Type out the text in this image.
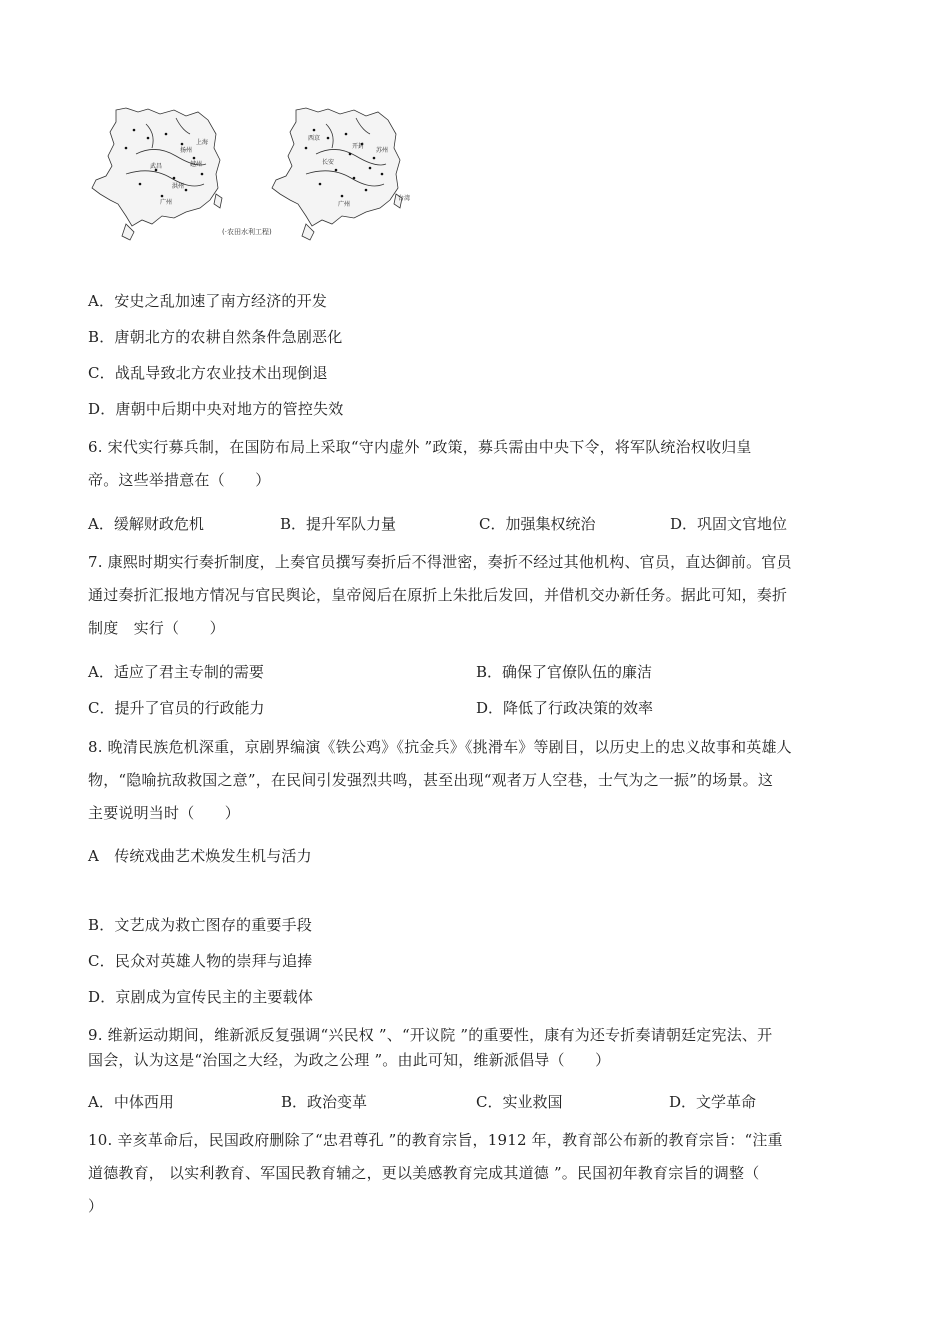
武昌
洪州
广州
越州
上海
扬州
西京
开封
长安
苏州
台湾
广州
(·农田水利工程)
A．安史之乱加速了南方经济的开发
B．唐朝北方的农耕自然条件急剧恶化
C．战乱导致北方农业技术出现倒退
D．唐朝中后期中央对地方的管控失效
6. 宋代实行募兵制，在国防布局上采取“守内虚外 ”政策，募兵需由中央下令，将军队统治权收归皇
帝。这些举措意在（　　）
A．缓解财政危机	B．提升军队力量	C．加强集权统治	D．巩固文官地位
7. 康熙时期实行奏折制度，上奏官员撰写奏折后不得泄密，奏折不经过其他机构、官员，直达御前。官员
通过奏折汇报地方情况与官民舆论，皇帝阅后在原折上朱批后发回，并借机交办新任务。据此可知，奏折
制度　实行（　　）
A．适应了君主专制的需要	B．确保了官僚队伍的廉洁
C．提升了官员的行政能力	D．降低了行政决策的效率
8. 晚清民族危机深重，京剧界编演《铁公鸡》《抗金兵》《挑滑车》等剧目，以历史上的忠义故事和英雄人
物，“隐喻抗敌救国之意”，在民间引发强烈共鸣，甚至出现“观者万人空巷，士气为之一振”的场景。这
主要说明当时（　　）
A　传统戏曲艺术焕发生机与活力
B．文艺成为救亡图存的重要手段
C．民众对英雄人物的崇拜与追捧
D．京剧成为宣传民主的主要载体
9. 维新运动期间，维新派反复强调“兴民权 ”、“开议院 ”的重要性，康有为还专折奏请朝廷定宪法、开
国会，认为这是“治国之大经，为政之公理 ”。由此可知，维新派倡导（　　）
A．中体西用	B．政治变革	C．实业救国	D．文学革命
10. 辛亥革命后，民国政府删除了“忠君尊孔 ”的教育宗旨，1912 年，教育部公布新的教育宗旨：“注重
道德教育， 以实利教育、军国民教育辅之，更以美感教育完成其道德 ”。民国初年教育宗旨的调整（
）
